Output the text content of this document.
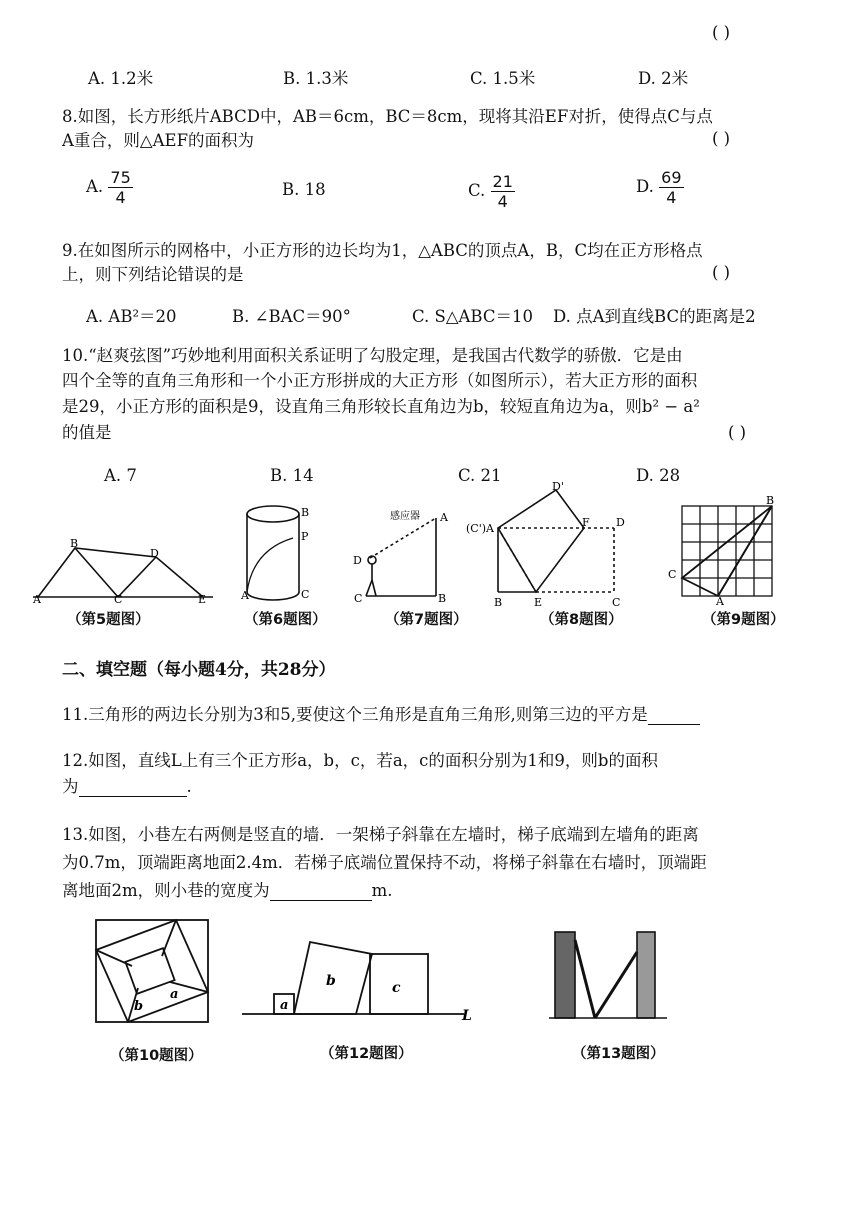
( )
A. 1.2米	B. 1.3米	C. 1.5米	D. 2米
8.如图，长方形纸片ABCD中，AB＝6cm，BC＝8cm，现将其沿EF对折，使得点C与点
A重合，则△AEF的面积为	( )
A. $\frac{75}{4}$	B. 18	C. $\frac{21}{4}$	D. $\frac{69}{4}$
9.在如图所示的网格中，小正方形的边长均为1，△ABC的顶点A，B，C均在正方形格点
上，则下列结论错误的是	( )
A. AB²＝20	B. ∠BAC＝90°	C. S△ABC＝10 D. 点A到直线BC的距离是2
10.“赵爽弦图”巧妙地利用面积关系证明了勾股定理，是我国古代数学的骄傲．它是由
四个全等的直角三角形和一个小正方形拼成的大正方形（如图所示），若大正方形的面积
是29，小正方形的面积是9，设直角三角形较长直角边为b，较短直角边为a，则b² − a²
的值是	( )
A. 7	B. 14	C. 21	D. 28
B
D
A	C	E
（第5题图）
A	C
B
P
（第6题图）
感应器 A
D
C	B
（第7题图）
D'
(C')A	F D
B	E	C
（第8题图）
B
C
A
（第9题图）
二、填空题（每小题4分，共28分）
11.三角形的两边长分别为3和5,要使这个三角形是直角三角形,则第三边的平方是
12.如图，直线L上有三个正方形a，b，c，若a，c的面积分别为1和9，则b的面积
为	.
13.如图，小巷左右两侧是竖直的墙．一架梯子斜靠在左墙时，梯子底端到左墙角的距离
为0.7m，顶端距离地面2.4m．若梯子底端位置保持不动，将梯子斜靠在右墙时，顶端距
离地面2m，则小巷的宽度为	m.
b
a
（第10题图）
a
b	c
L
（第12题图）	（第13题图）
